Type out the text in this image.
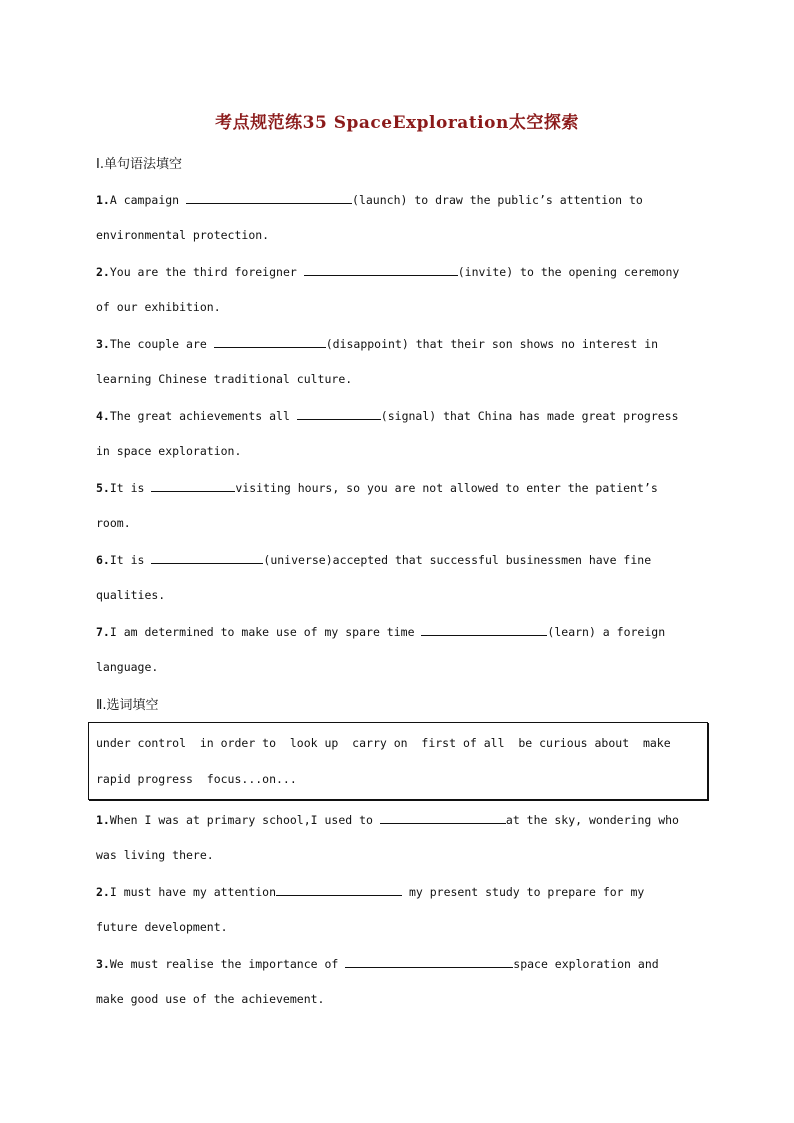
考点规范练35 SpaceExploration太空探索
Ⅰ.单句语法填空
1.A campaign	(launch) to draw the public’s attention to
environmental protection.
2.You are the third foreigner	(invite) to the opening ceremony
of our exhibition.
3.The couple are	(disappoint) that their son shows no interest in
learning Chinese traditional culture.
4.The great achievements all	(signal) that China has made great progress
in space exploration.
5.It is	visiting hours, so you are not allowed to enter the patient’s
room.
6.It is	(universe)accepted that successful businessmen have fine
qualities.
7.I am determined to make use of my spare time	(learn) a foreign
language.
Ⅱ.选词填空
under control  in order to  look up  carry on  first of all  be curious about  make
rapid progress  focus...on...
1.When I was at primary school,I used to	at the sky, wondering who
was living there.
2.I must have my attention	my present study to prepare for my
future development.
3.We must realise the importance of	space exploration and
make good use of the achievement.
